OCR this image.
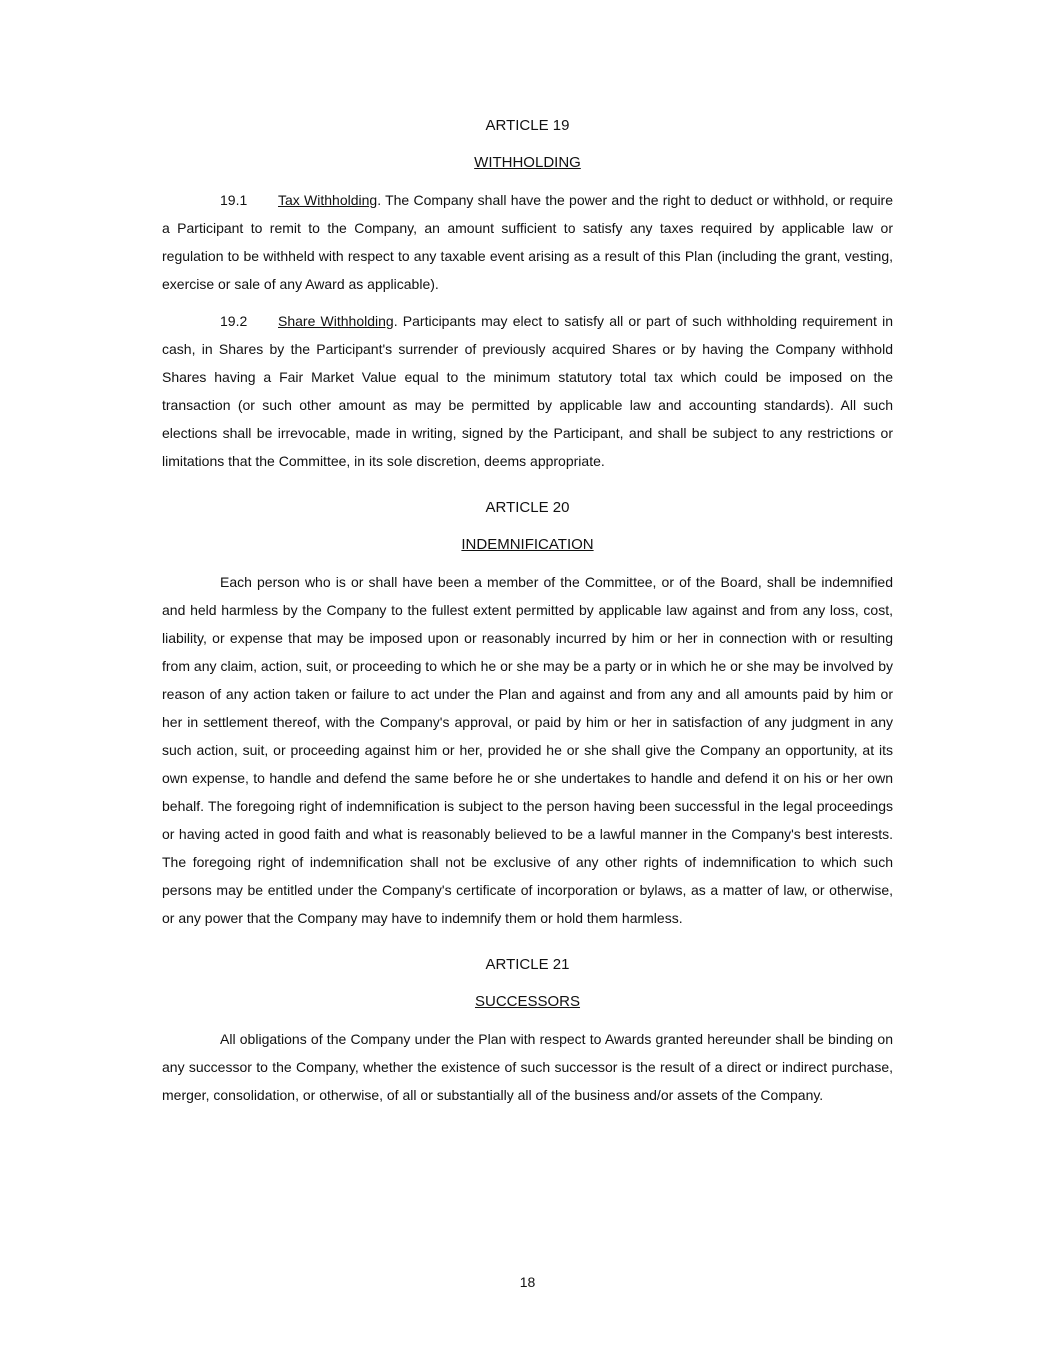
ARTICLE 19
WITHHOLDING

19.1 Tax Withholding. The Company shall have the power and the right to deduct or withhold, or require a Participant to remit to the Company, an amount sufficient to satisfy any taxes required by applicable law or regulation to be withheld with respect to any taxable event arising as a result of this Plan (including the grant, vesting, exercise or sale of any Award as applicable).

19.2 Share Withholding. Participants may elect to satisfy all or part of such withholding requirement in cash, in Shares by the Participant's surrender of previously acquired Shares or by having the Company withhold Shares having a Fair Market Value equal to the minimum statutory total tax which could be imposed on the transaction (or such other amount as may be permitted by applicable law and accounting standards). All such elections shall be irrevocable, made in writing, signed by the Participant, and shall be subject to any restrictions or limitations that the Committee, in its sole discretion, deems appropriate.

ARTICLE 20
INDEMNIFICATION

Each person who is or shall have been a member of the Committee, or of the Board, shall be indemnified and held harmless by the Company to the fullest extent permitted by applicable law against and from any loss, cost, liability, or expense that may be imposed upon or reasonably incurred by him or her in connection with or resulting from any claim, action, suit, or proceeding to which he or she may be a party or in which he or she may be involved by reason of any action taken or failure to act under the Plan and against and from any and all amounts paid by him or her in settlement thereof, with the Company's approval, or paid by him or her in satisfaction of any judgment in any such action, suit, or proceeding against him or her, provided he or she shall give the Company an opportunity, at its own expense, to handle and defend the same before he or she undertakes to handle and defend it on his or her own behalf. The foregoing right of indemnification is subject to the person having been successful in the legal proceedings or having acted in good faith and what is reasonably believed to be a lawful manner in the Company's best interests. The foregoing right of indemnification shall not be exclusive of any other rights of indemnification to which such persons may be entitled under the Company's certificate of incorporation or bylaws, as a matter of law, or otherwise, or any power that the Company may have to indemnify them or hold them harmless.

ARTICLE 21
SUCCESSORS

All obligations of the Company under the Plan with respect to Awards granted hereunder shall be binding on any successor to the Company, whether the existence of such successor is the result of a direct or indirect purchase, merger, consolidation, or otherwise, of all or substantially all of the business and/or assets of the Company.

18
